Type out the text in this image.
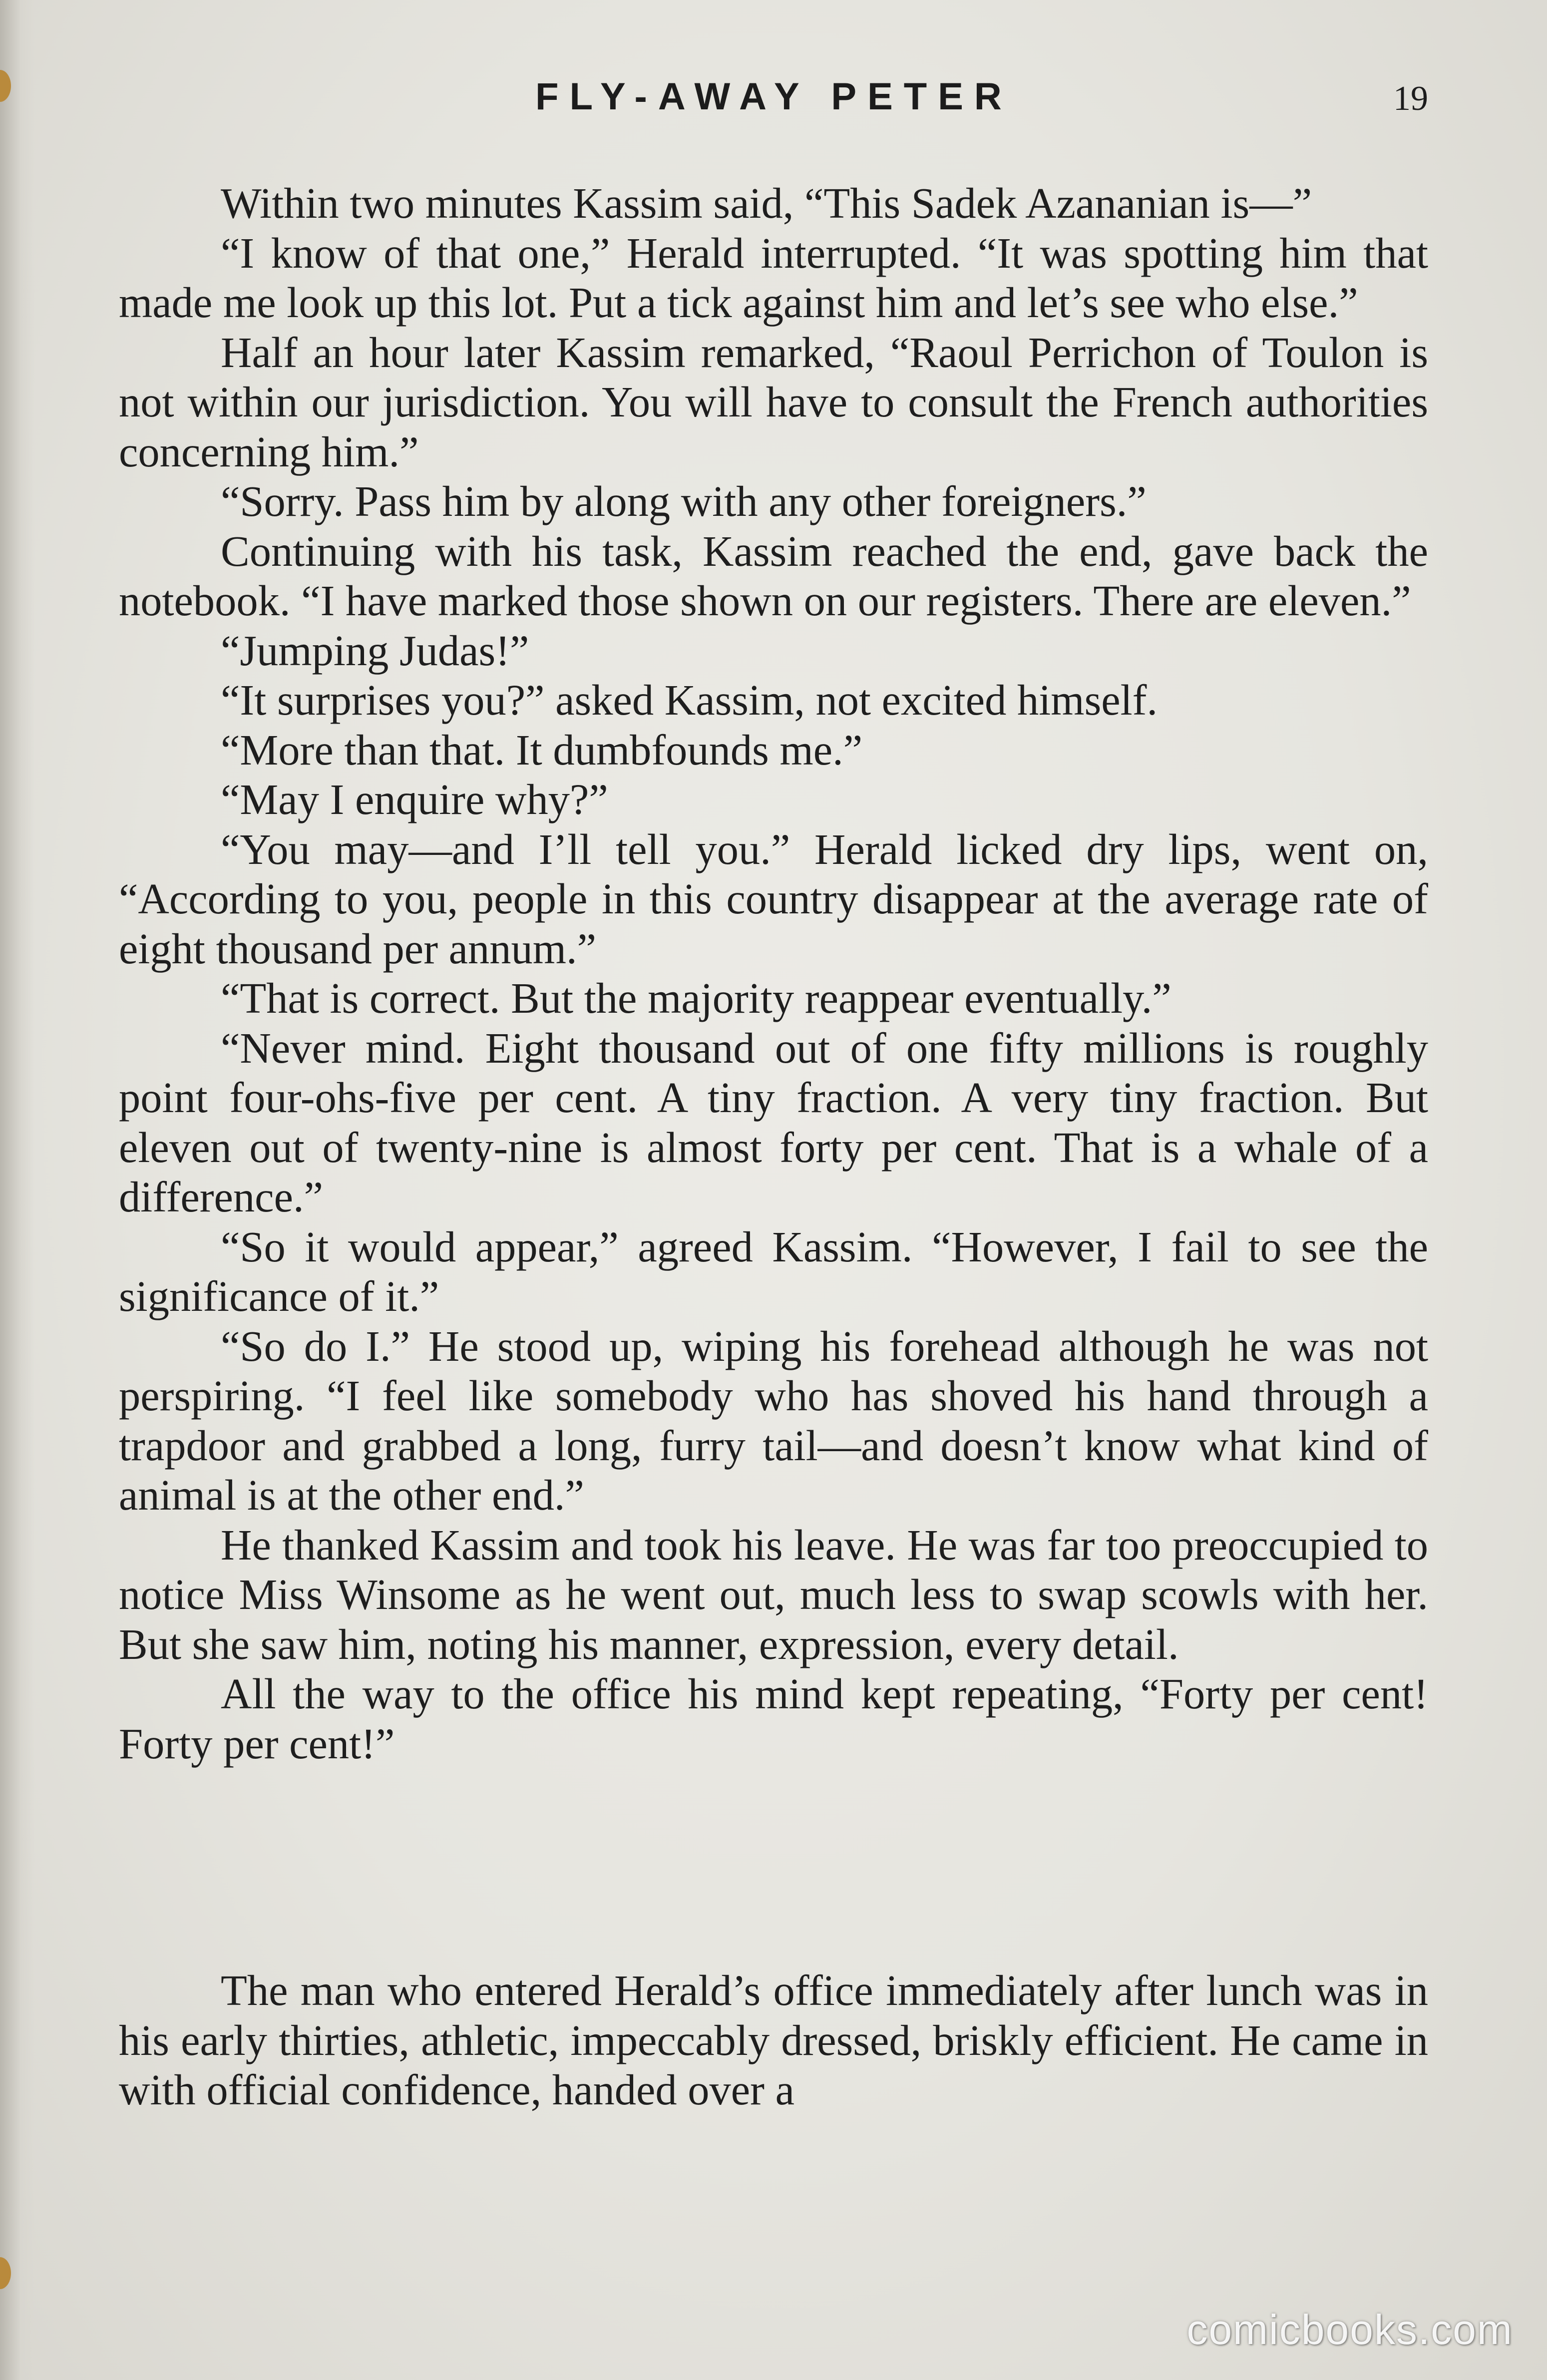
FLY-AWAY PETER	19

Within two minutes Kassim said, “This Sadek Azananian is—”

“I know of that one,” Herald interrupted. “It was spotting him that made me look up this lot. Put a tick against him and let’s see who else.”

Half an hour later Kassim remarked, “Raoul Perrichon of Toulon is not within our jurisdiction. You will have to consult the French authorities concerning him.”

“Sorry. Pass him by along with any other foreigners.”

Continuing with his task, Kassim reached the end, gave back the notebook. “I have marked those shown on our registers. There are eleven.”

“Jumping Judas!”

“It surprises you?” asked Kassim, not excited himself.

“More than that. It dumbfounds me.”

“May I enquire why?”

“You may—and I’ll tell you.” Herald licked dry lips, went on, “According to you, people in this country disappear at the average rate of eight thousand per annum.”

“That is correct. But the majority reappear eventually.”

“Never mind. Eight thousand out of one fifty millions is roughly point four-ohs-five per cent. A tiny fraction. A very tiny fraction. But eleven out of twenty-nine is almost forty per cent. That is a whale of a difference.”

“So it would appear,” agreed Kassim. “However, I fail to see the significance of it.”

“So do I.” He stood up, wiping his forehead although he was not perspiring. “I feel like somebody who has shoved his hand through a trapdoor and grabbed a long, furry tail—and doesn’t know what kind of animal is at the other end.”

He thanked Kassim and took his leave. He was far too preoccupied to notice Miss Winsome as he went out, much less to swap scowls with her. But she saw him, noting his manner, expression, every detail.

All the way to the office his mind kept repeating, “Forty per cent! Forty per cent!”

The man who entered Herald’s office immediately after lunch was in his early thirties, athletic, impeccably dressed, briskly efficient. He came in with official confidence, handed over a

comicbooks.com
